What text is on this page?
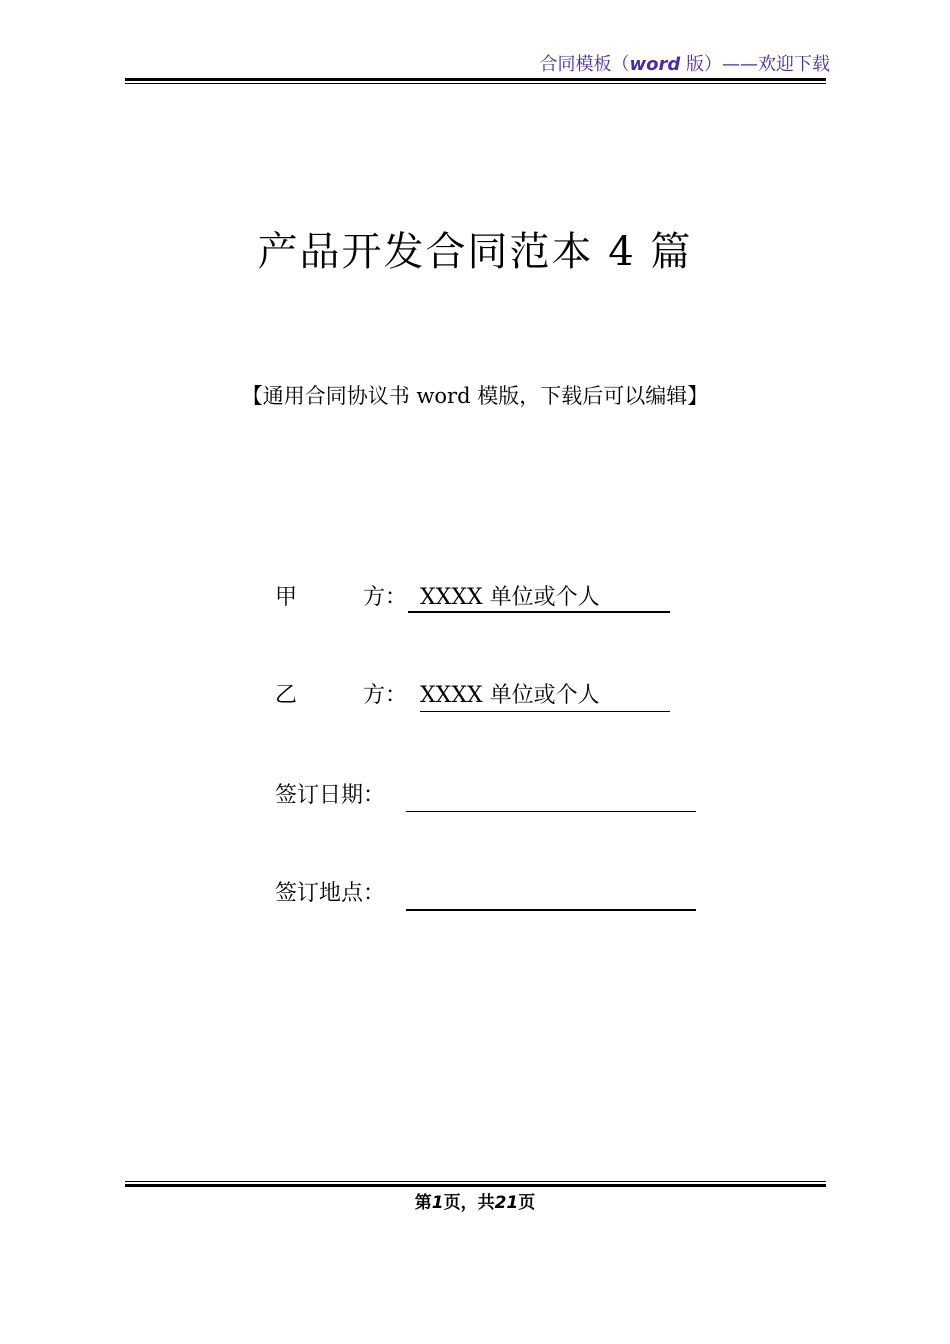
合同模板（word 版）——欢迎下载
产品开发合同范本 4 篇
【通用合同协议书 word 模版，下载后可以编辑】
甲　　　方： XXXX 单位或个人
乙　　　方： XXXX 单位或个人
签订日期：
签订地点：
第1页，共21页
